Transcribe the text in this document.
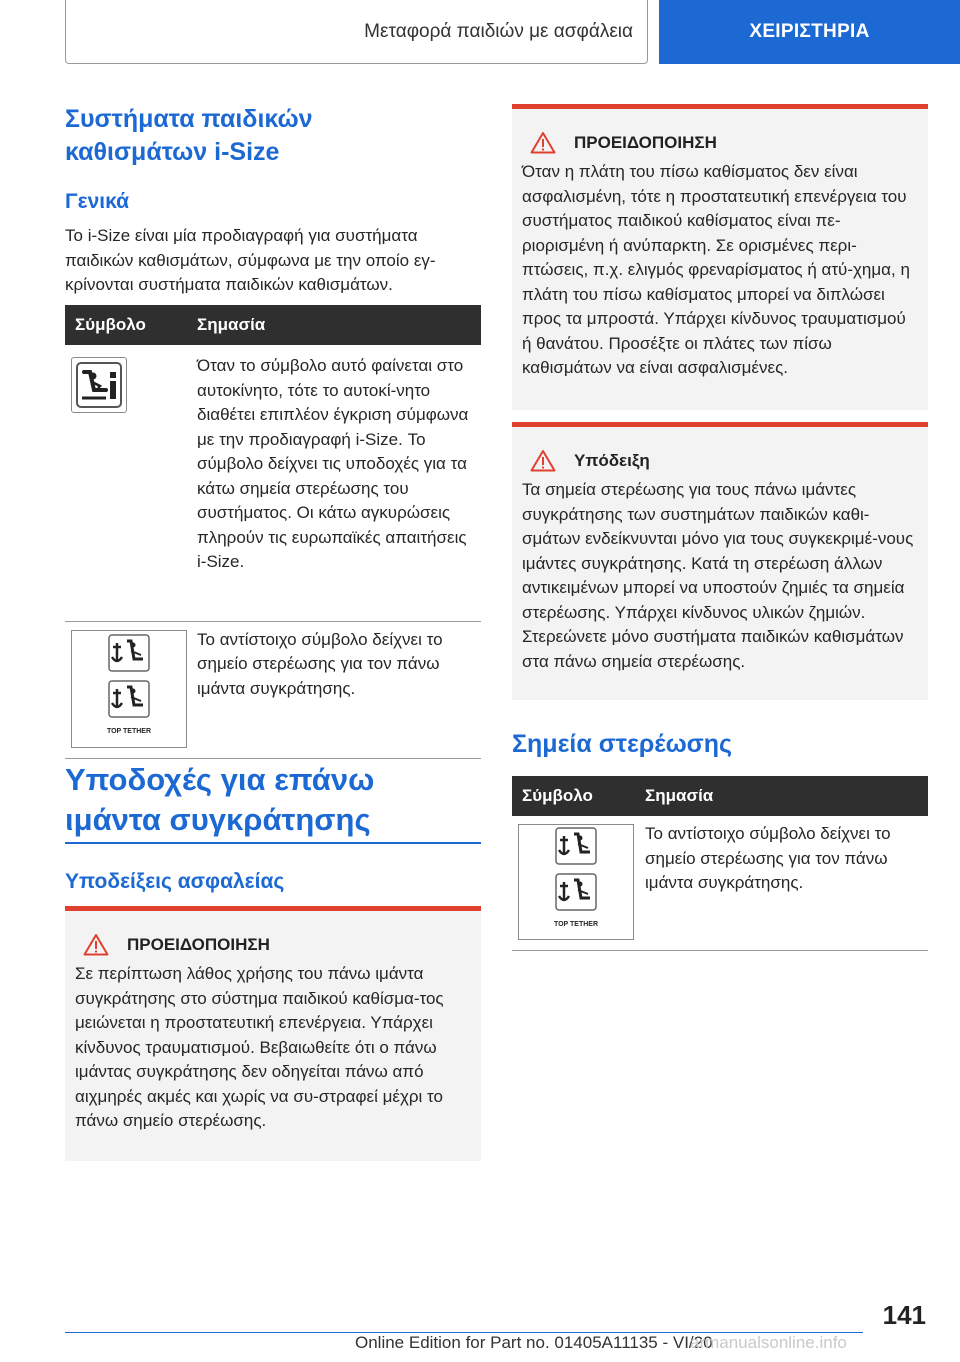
Μεταφορά παιδιών με ασφάλεια	ΧΕΙΡΙΣΤΗΡΙΑ
Συστήματα παιδικών
καθισμάτων i-Size
Γενικά
Το i-Size είναι μία προδιαγραφή για συστήματα παιδικών καθισμάτων, σύμφωνα με την οποίο εγ-κρίνονται συστήματα παιδικών καθισμάτων.
Σύμβολο	Σημασία

	Όταν το σύμβολο αυτό φαίνεται στο αυτοκίνητο, τότε το αυτοκί-νητο διαθέτει επιπλέον έγκριση σύμφωνα με την προδιαγραφή i-Size. Το σύμβολο δείχνει τις υποδοχές για τα κάτω σημεία στερέωσης του συστήματος. Οι κάτω αγκυρώσεις πληρούν τις ευρωπαϊκές απαιτήσεις i-Size.

TOP TETHER	Το αντίστοιχο σύμβολο δείχνει το σημείο στερέωσης για τον πάνω ιμάντα συγκράτησης.
Υποδοχές για επάνω
ιμάντα συγκράτησης
Υποδείξεις ασφαλείας
ΠΡΟΕΙΔΟΠΟΙΗΣΗ
Σε περίπτωση λάθος χρήσης του πάνω ιμάντα συγκράτησης στο σύστημα παιδικού καθίσμα-τος μειώνεται η προστατευτική επενέργεια. Υπάρχει κίνδυνος τραυματισμού. Βεβαιωθείτε ότι ο πάνω ιμάντας συγκράτησης δεν οδηγείται πάνω από αιχμηρές ακμές και χωρίς να συ-στραφεί μέχρι το πάνω σημείο στερέωσης.
ΠΡΟΕΙΔΟΠΟΙΗΣΗ
Όταν η πλάτη του πίσω καθίσματος δεν είναι ασφαλισμένη, τότε η προστατευτική επενέργεια του συστήματος παιδικού καθίσματος είναι πε-ριορισμένη ή ανύπαρκτη. Σε ορισμένες περι-πτώσεις, π.χ. ελιγμός φρεναρίσματος ή ατύ-χημα, η πλάτη του πίσω καθίσματος μπορεί να διπλώσει προς τα μπροστά. Υπάρχει κίνδυνος τραυματισμού ή θανάτου. Προσέξτε οι πλάτες των πίσω καθισμάτων να είναι ασφαλισμένες.
Υπόδειξη
Τα σημεία στερέωσης για τους πάνω ιμάντες συγκράτησης των συστημάτων παιδικών καθι-σμάτων ενδείκνυνται μόνο για τους συγκεκριμέ-νους ιμάντες συγκράτησης. Κατά τη στερέωση άλλων αντικειμένων μπορεί να υποστούν ζημιές τα σημεία στερέωσης. Υπάρχει κίνδυνος υλικών ζημιών. Στερεώνετε μόνο συστήματα παιδικών καθισμάτων στα πάνω σημεία στερέωσης.
Σημεία στερέωσης
Σύμβολο	Σημασία

TOP TETHER	Το αντίστοιχο σύμβολο δείχνει το σημείο στερέωσης για τον πάνω ιμάντα συγκράτησης.
141
Online Edition for Part no. 01405A11135 - VI/20
armanualsonline.info
